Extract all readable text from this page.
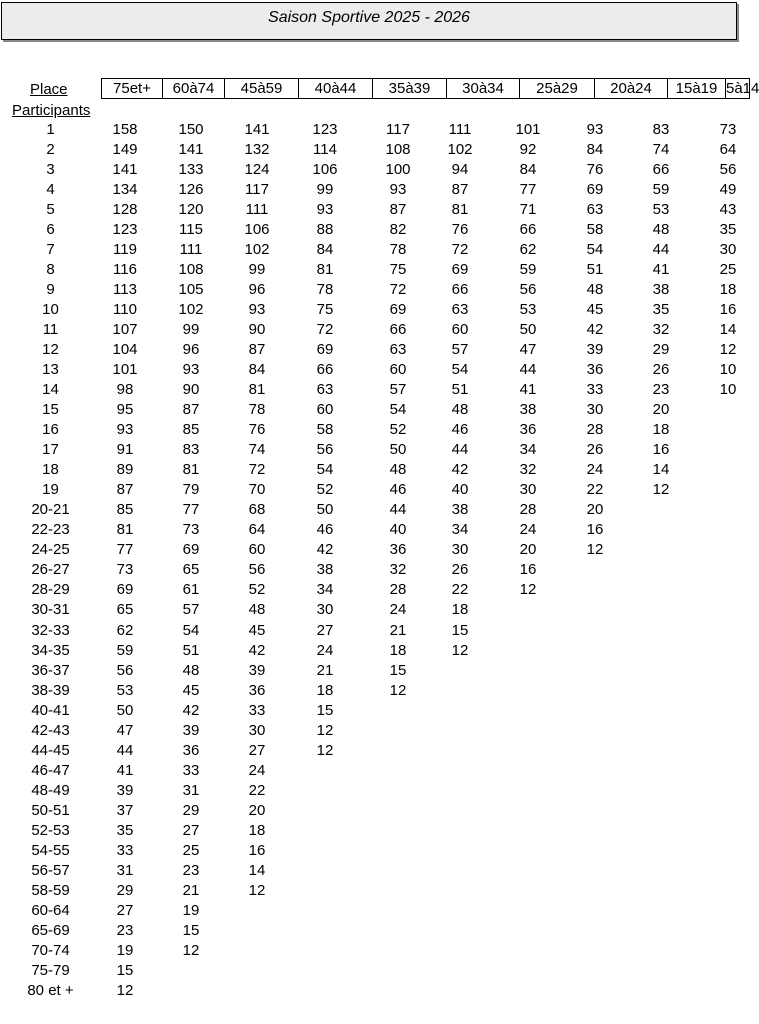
Saison Sportive 2025 - 2026
Place
Participants
75et+	60à74	45à59	40à44	35à39	30à34	25à29	20à24	15à19 5à14
1	158	150	141	123	117	111	101	93	83	73
2	149	141	132	114	108	102	92	84	74	64
3	141	133	124	106	100	94	84	76	66	56
4	134	126	117	99	93	87	77	69	59	49
5	128	120	111	93	87	81	71	63	53	43
6	123	115	106	88	82	76	66	58	48	35
7	119	111	102	84	78	72	62	54	44	30
8	116	108	99	81	75	69	59	51	41	25
9	113	105	96	78	72	66	56	48	38	18
10	110	102	93	75	69	63	53	45	35	16
11	107	99	90	72	66	60	50	42	32	14
12	104	96	87	69	63	57	47	39	29	12
13	101	93	84	66	60	54	44	36	26	10
14	98	90	81	63	57	51	41	33	23	10
15	95	87	78	60	54	48	38	30	20
16	93	85	76	58	52	46	36	28	18
17	91	83	74	56	50	44	34	26	16
18	89	81	72	54	48	42	32	24	14
19	87	79	70	52	46	40	30	22	12
20-21	85	77	68	50	44	38	28	20
22-23	81	73	64	46	40	34	24	16
24-25	77	69	60	42	36	30	20	12
26-27	73	65	56	38	32	26	16
28-29	69	61	52	34	28	22	12
30-31	65	57	48	30	24	18
32-33	62	54	45	27	21	15
34-35	59	51	42	24	18	12
36-37	56	48	39	21	15
38-39	53	45	36	18	12
40-41	50	42	33	15
42-43	47	39	30	12
44-45	44	36	27	12
46-47	41	33	24
48-49	39	31	22
50-51	37	29	20
52-53	35	27	18
54-55	33	25	16
56-57	31	23	14
58-59	29	21	12
60-64	27	19
65-69	23	15
70-74	19	12
75-79	15
80 et +	12
